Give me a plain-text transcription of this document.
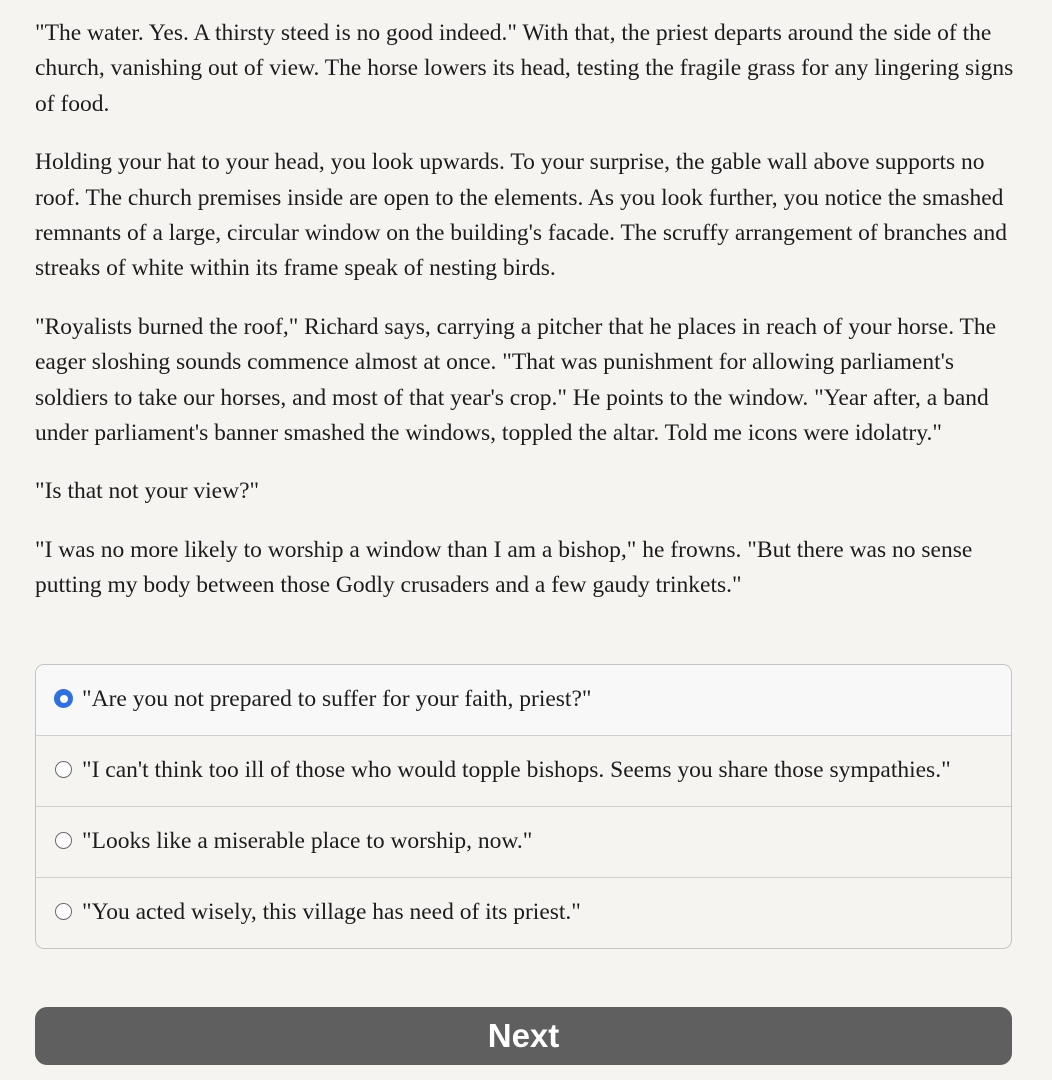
"The water. Yes. A thirsty steed is no good indeed." With that, the priest departs around the side of the church, vanishing out of view. The horse lowers its head, testing the fragile grass for any lingering signs of food.

Holding your hat to your head, you look upwards. To your surprise, the gable wall above supports no roof. The church premises inside are open to the elements. As you look further, you notice the smashed remnants of a large, circular window on the building's facade. The scruffy arrangement of branches and streaks of white within its frame speak of nesting birds.

"Royalists burned the roof," Richard says, carrying a pitcher that he places in reach of your horse. The eager sloshing sounds commence almost at once. "That was punishment for allowing parliament's soldiers to take our horses, and most of that year's crop." He points to the window. "Year after, a band under parliament's banner smashed the windows, toppled the altar. Told me icons were idolatry."

"Is that not your view?"

"I was no more likely to worship a window than I am a bishop," he frowns. "But there was no sense putting my body between those Godly crusaders and a few gaudy trinkets."

"Are you not prepared to suffer for your faith, priest?"
"I can't think too ill of those who would topple bishops. Seems you share those sympathies."
"Looks like a miserable place to worship, now."
"You acted wisely, this village has need of its priest."
Next
